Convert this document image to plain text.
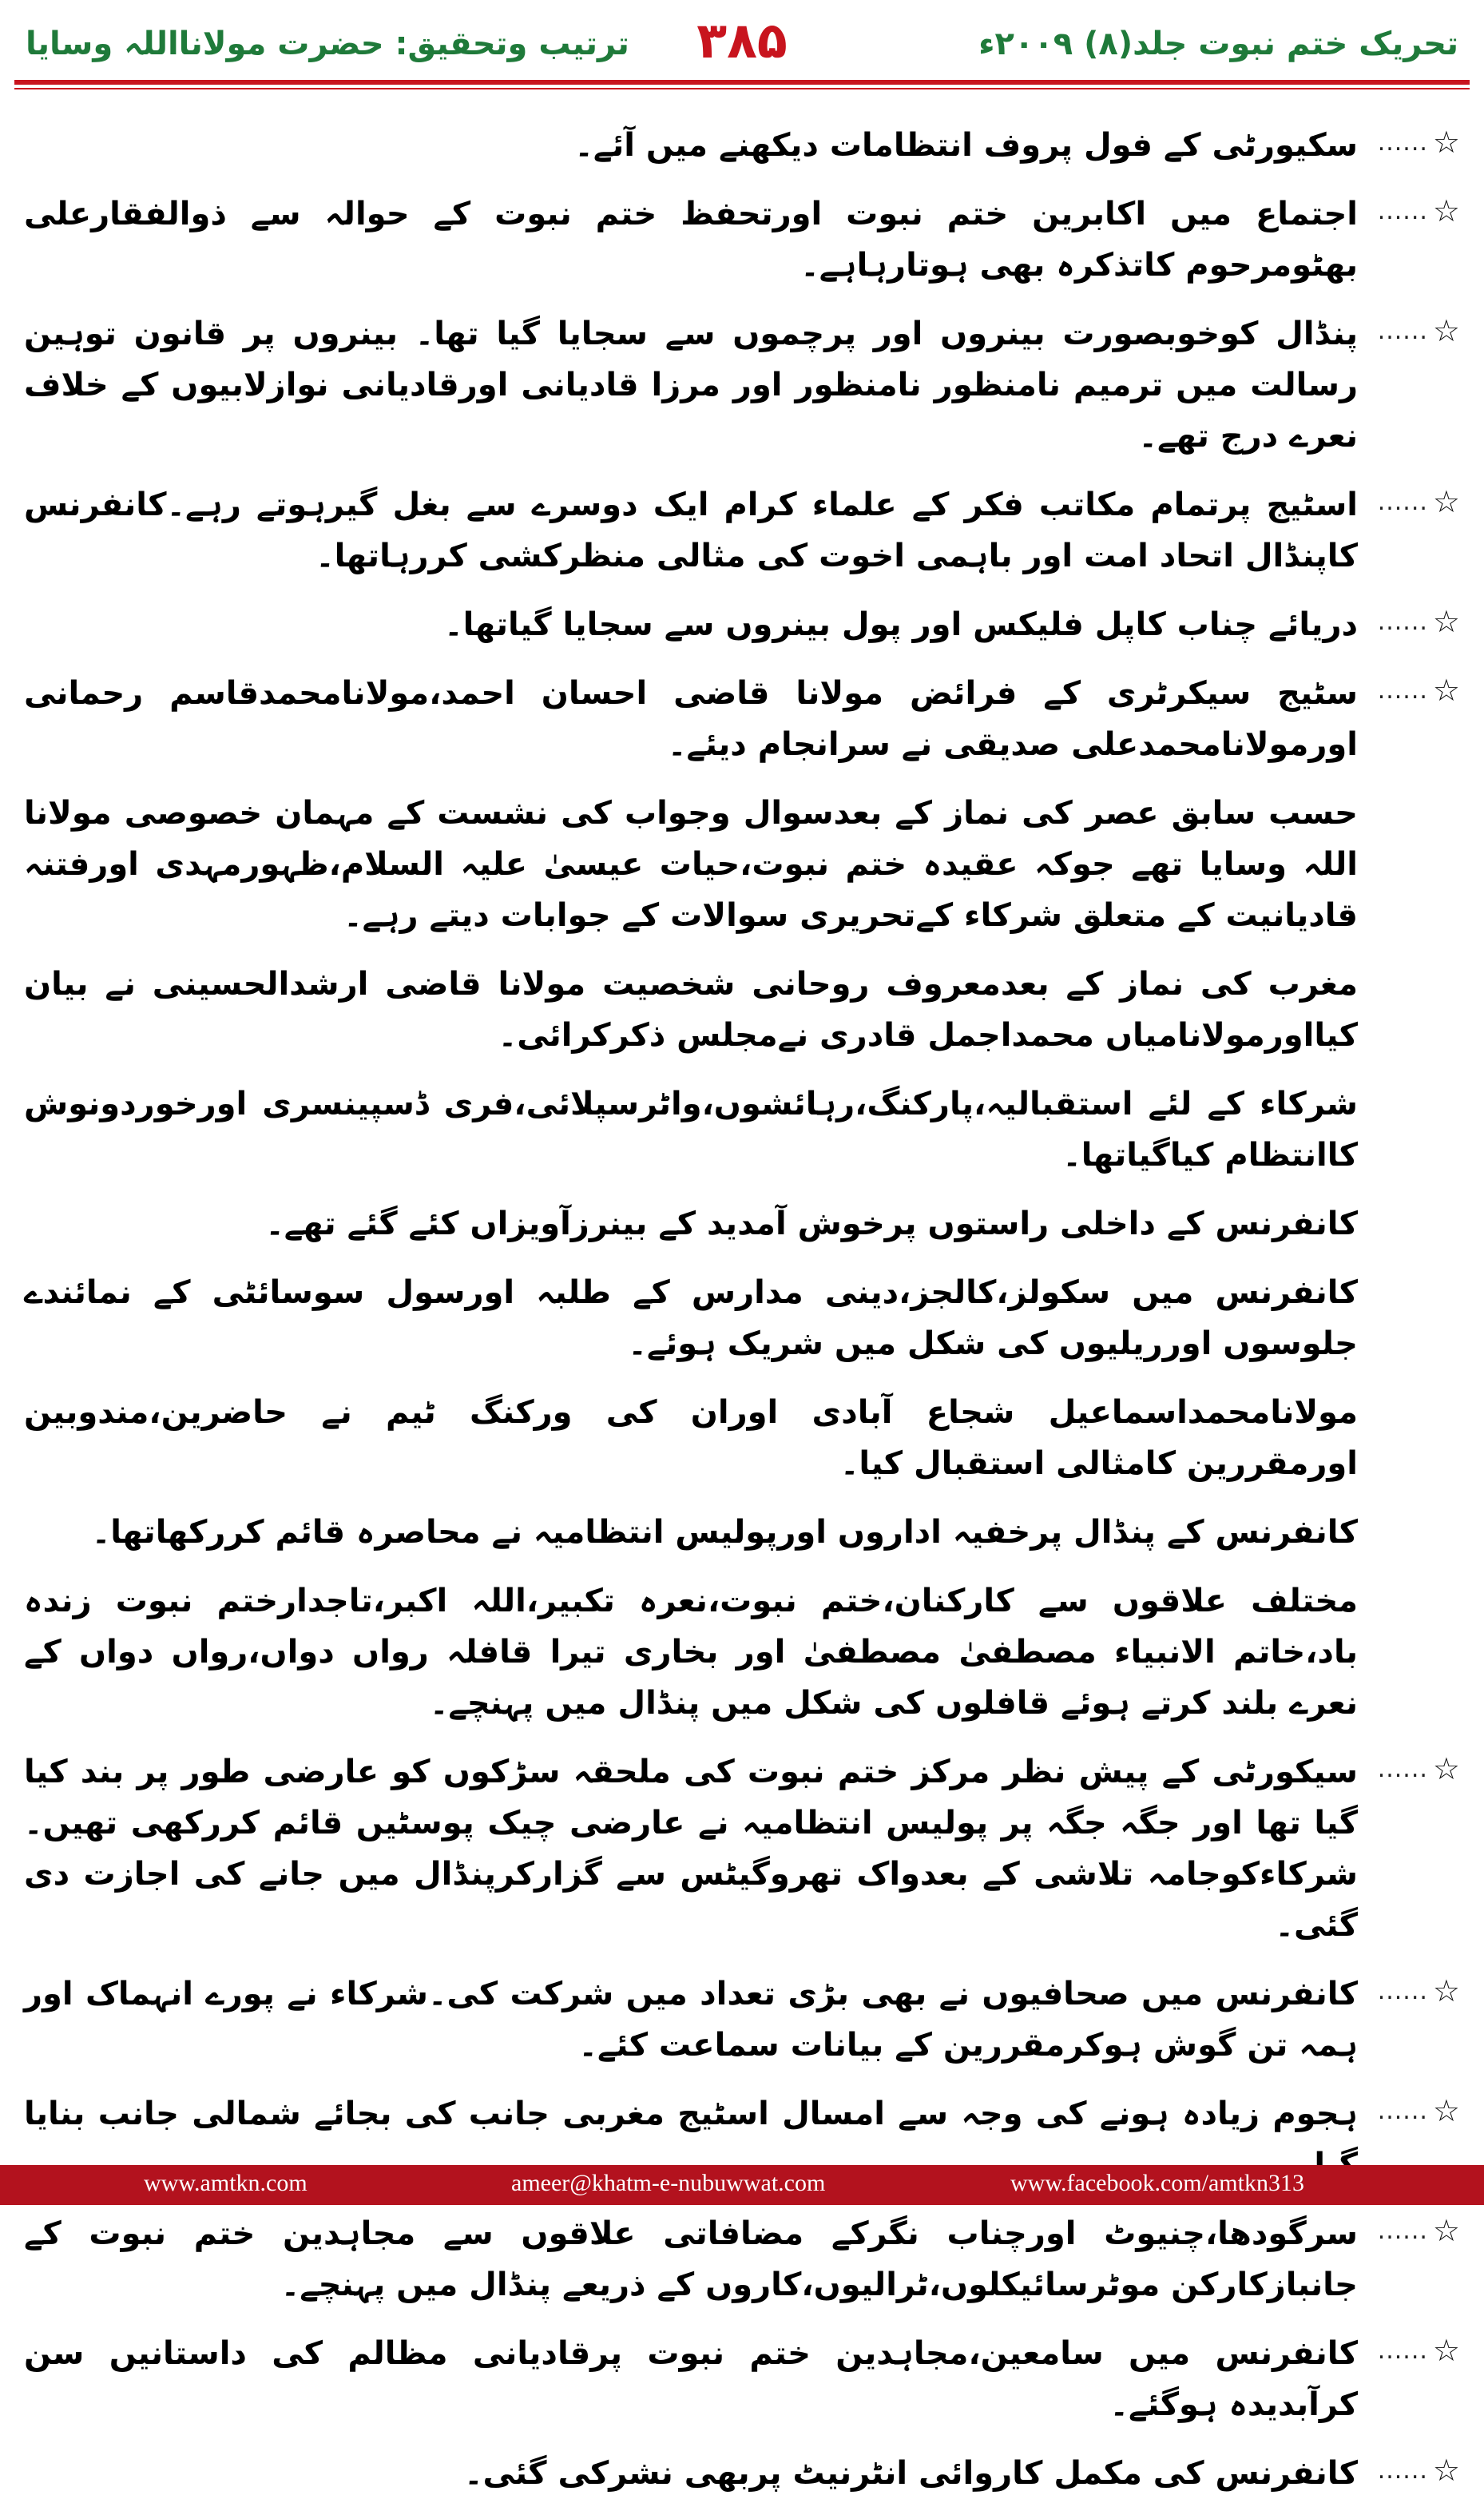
تحریک ختم نبوت جلد(۸) ۲۰۰۹ء
۳۸۵
ترتیب وتحقیق: حضرت مولانااللہ وسایا
☆
......
سکیورٹی کے فول پروف انتظامات دیکھنے میں آئے۔
☆
......
اجتماع میں اکابرین ختم نبوت اورتحفظ ختم نبوت کے حوالہ سے ذوالفقارعلی بھٹومرحوم کاتذکرہ بھی ہوتارہاہے۔
☆
......
پنڈال کوخوبصورت بینروں اور پرچموں سے سجایا گیا تھا۔ بینروں پر قانون توہین رسالت میں ترمیم نامنظور نامنظور اور مرزا قادیانی اورقادیانی نوازلابیوں کے خلاف نعرے درج تھے۔
☆
......
اسٹیج پرتمام مکاتب فکر کے علماء کرام ایک دوسرے سے بغل گیرہوتے رہے۔کانفرنس کاپنڈال اتحاد امت اور باہمی اخوت کی مثالی منظرکشی کررہاتھا۔
☆
......
دریائے چناب کاپل فلیکس اور پول بینروں سے سجایا گیاتھا۔
☆
......
سٹیج سیکرٹری کے فرائض مولانا قاضی احسان احمد،مولانامحمدقاسم رحمانی اورمولانامحمدعلی صدیقی نے سرانجام دیئے۔
حسب سابق عصر کی نماز کے بعدسوال وجواب کی نشست کے مہمان خصوصی مولانا اللہ وسایا تھے جوکہ عقیدہ ختم نبوت،حیات عیسیٰ علیہ السلام،ظہورمہدی اورفتنہ قادیانیت کے متعلق شرکاء کےتحریری سوالات کے جوابات دیتے رہے۔
مغرب کی نماز کے بعدمعروف روحانی شخصیت مولانا قاضی ارشدالحسینی نے بیان کیااورمولانامیاں محمداجمل قادری نےمجلس ذکرکرائی۔
شرکاء کے لئے استقبالیہ،پارکنگ،رہائشوں،واٹرسپلائی،فری ڈسپینسری اورخوردونوش کاانتظام کیاگیاتھا۔
کانفرنس کے داخلی راستوں پرخوش آمدید کے بینرزآویزاں کئے گئے تھے۔
کانفرنس میں سکولز،کالجز،دینی مدارس کے طلبہ اورسول سوسائٹی کے نمائندے جلوسوں اورریلیوں کی شکل میں شریک ہوئے۔
مولانامحمداسماعیل شجاع آبادی اوران کی ورکنگ ٹیم نے حاضرین،مندوبین اورمقررین کامثالی استقبال کیا۔
کانفرنس کے پنڈال پرخفیہ اداروں اورپولیس انتظامیہ نے محاصرہ قائم کررکھاتھا۔
مختلف علاقوں سے کارکنان،ختم نبوت،نعرہ تکبیر،اللہ اکبر،تاجدارختم نبوت زندہ باد،خاتم الانبیاء مصطفیٰ مصطفیٰ اور بخاری تیرا قافلہ رواں دواں،رواں دواں کے نعرے بلند کرتے ہوئے قافلوں کی شکل میں پنڈال میں پہنچے۔
☆
......
سیکورٹی کے پیش نظر مرکز ختم نبوت کی ملحقہ سڑکوں کو عارضی طور پر بند کیا گیا تھا اور جگہ جگہ پر پولیس انتظامیہ نے عارضی چیک پوسٹیں قائم کررکھی تھیں۔شرکاءکوجامہ تلاشی کے بعدواک تھروگیٹس سے گزارکرپنڈال میں جانے کی اجازت دی گئی۔
☆
......
کانفرنس میں صحافیوں نے بھی بڑی تعداد میں شرکت کی۔شرکاء نے پورے انہماک اور ہمہ تن گوش ہوکرمقررین کے بیانات سماعت کئے۔
☆
......
ہجوم زیادہ ہونے کی وجہ سے امسال اسٹیج مغربی جانب کی بجائے شمالی جانب بنایا
☆
......
سرگودھا،چنیوٹ اورچناب نگرکے مضافاتی علاقوں سے مجاہدین ختم نبوت کے جانبازکارکن موٹرسائیکلوں،ٹرالیوں،کاروں کے ذریعے پنڈال میں پہنچے۔
☆
......
کانفرنس میں سامعین،مجاہدین ختم نبوت پرقادیانی مظالم کی داستانیں سن کرآبدیدہ ہوگئے۔
☆
......
کانفرنس کی مکمل کاروائی انٹرنیٹ پربھی نشرکی گئی۔
www.amtkn.com	ameer@khatm-e-nubuwwat.com	www.facebook.com/amtkn313
